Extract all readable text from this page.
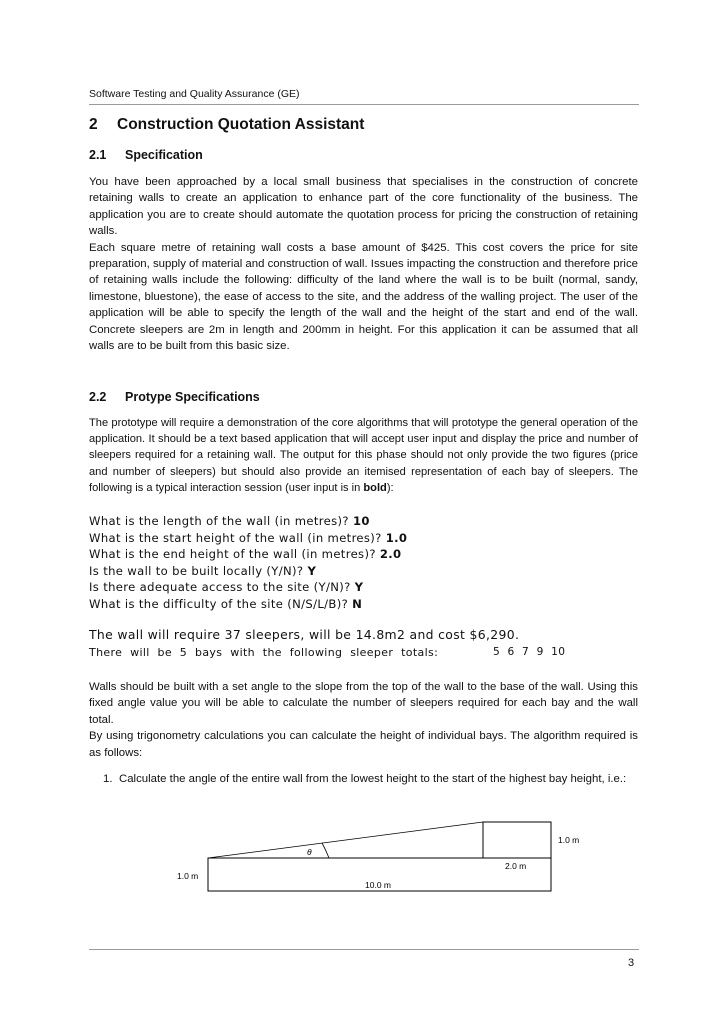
Software Testing and Quality Assurance (GE)
2 Construction Quotation Assistant
2.1 Specification

You have been approached by a local small business that specialises in the construction of concrete retaining walls to create an application to enhance part of the core functionality of the business. The application you are to create should automate the quotation process for pricing the construction of retaining walls.

Each square metre of retaining wall costs a base amount of $425. This cost covers the price for site preparation, supply of material and construction of wall. Issues impacting the construction and therefore price of retaining walls include the following: difficulty of the land where the wall is to be built (normal, sandy, limestone, bluestone), the ease of access to the site, and the address of the walling project. The user of the application will be able to specify the length of the wall and the height of the start and end of the wall. Concrete sleepers are 2m in length and 200mm in height. For this application it can be assumed that all walls are to be built from this basic size.

2.2 Protype Specifications

The prototype will require a demonstration of the core algorithms that will prototype the general operation of the application. It should be a text based application that will accept user input and display the price and number of sleepers required for a retaining wall. The output for this phase should not only provide the two figures (price and number of sleepers) but should also provide an itemised representation of each bay of sleepers. The following is a typical interaction session (user input is in bold):

What is the length of the wall (in metres)? 10
What is the start height of the wall (in metres)? 1.0
What is the end height of the wall (in metres)? 2.0
Is the wall to be built locally (Y/N)? Y
Is there adequate access to the site (Y/N)? Y
What is the difficulty of the site (N/S/L/B)? N
The wall will require 37 sleepers, will be 14.8m2 and cost $6,290.
There will be 5 bays with the following sleeper totals:	5  6  7  9  10

Walls should be built with a set angle to the slope from the top of the wall to the base of the wall. Using this fixed angle value you will be able to calculate the number of sleepers required for each bay and the wall total.

By using trigonometry calculations you can calculate the height of individual bays. The algorithm required is as follows:

1. Calculate the angle of the entire wall from the lowest height to the start of the highest bay height, i.e.:
θ
1.0 m
1.0 m
2.0 m
10.0 m
3
